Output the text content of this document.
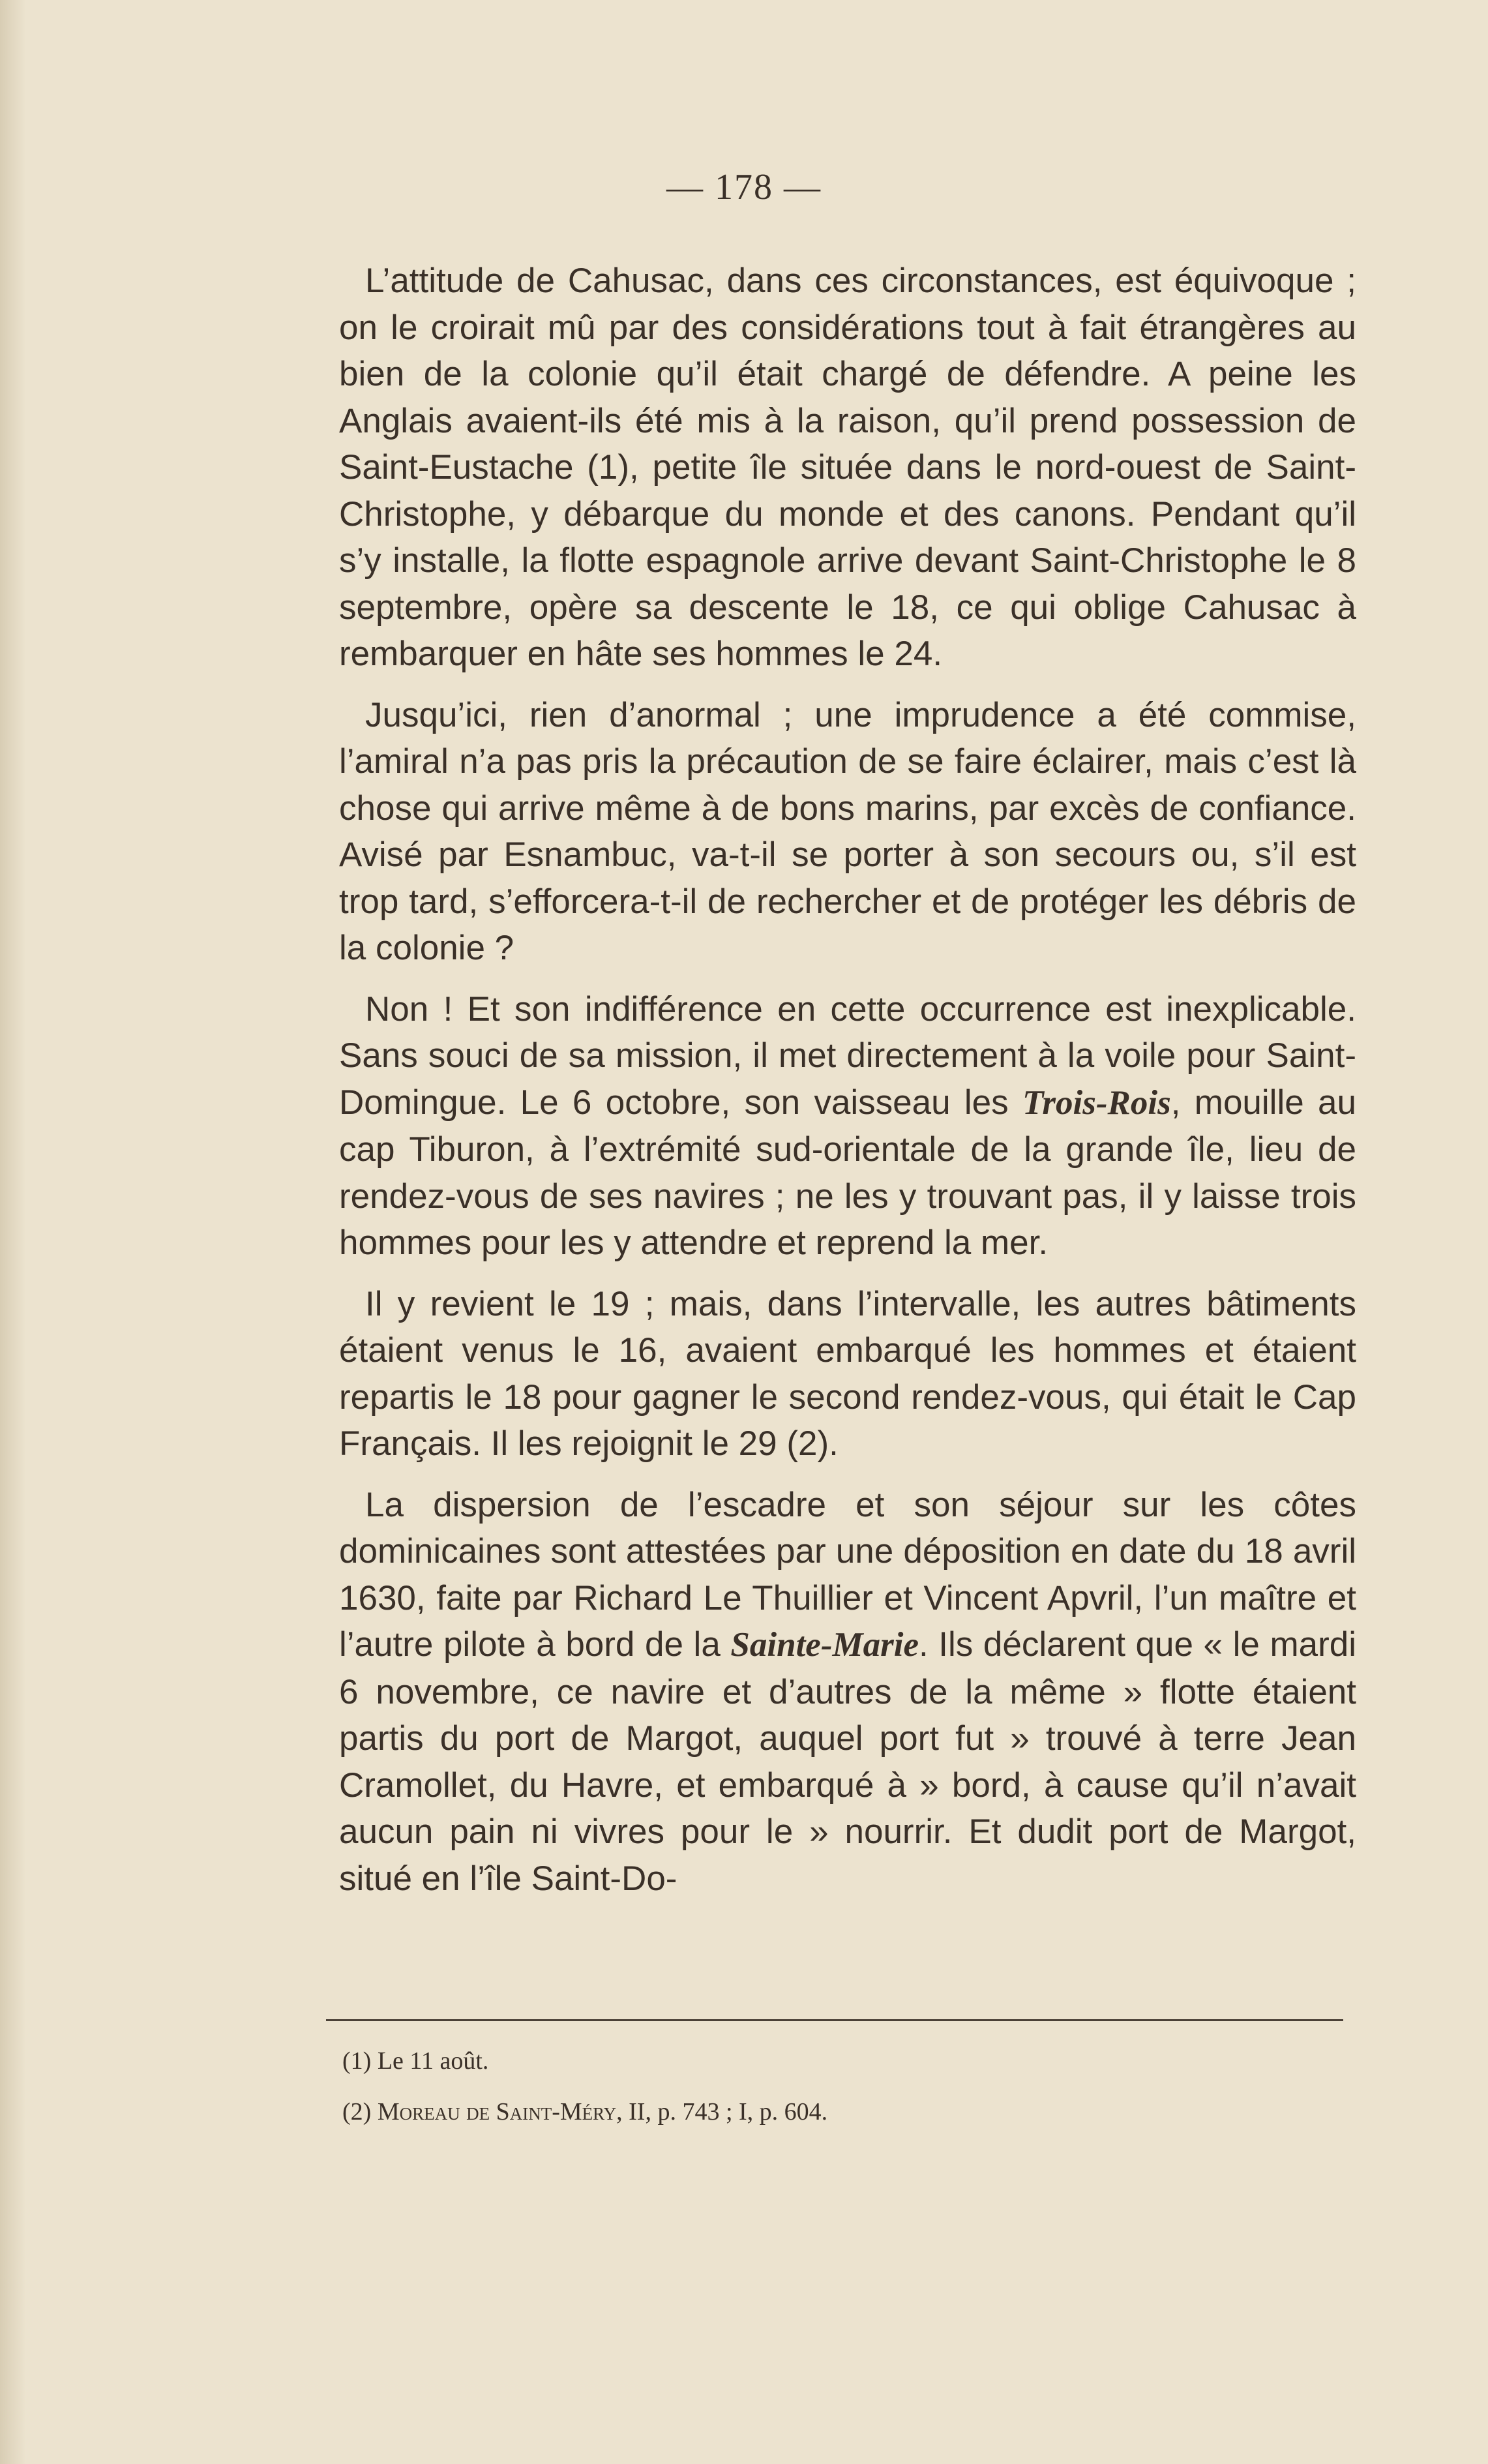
— 178 —

L’attitude de Cahusac, dans ces circonstances, est équivoque ; on le croirait mû par des considérations tout à fait étrangères au bien de la colonie qu’il était chargé de défendre. A peine les Anglais avaient-ils été mis à la raison, qu’il prend possession de Saint-Eustache (1), petite île située dans le nord-ouest de Saint-Christophe, y débarque du monde et des canons. Pendant qu’il s’y installe, la flotte espagnole arrive devant Saint-Christophe le 8 septembre, opère sa descente le 18, ce qui oblige Cahusac à rembarquer en hâte ses hommes le 24.

Jusqu’ici, rien d’anormal ; une imprudence a été commise, l’amiral n’a pas pris la précaution de se faire éclairer, mais c’est là chose qui arrive même à de bons marins, par excès de confiance. Avisé par Esnambuc, va-t-il se porter à son secours ou, s’il est trop tard, s’efforcera-t-il de rechercher et de protéger les débris de la colonie ?

Non ! Et son indifférence en cette occurrence est inexplicable. Sans souci de sa mission, il met directement à la voile pour Saint-Domingue. Le 6 octobre, son vaisseau les Trois-Rois, mouille au cap Tiburon, à l’extrémité sud-orientale de la grande île, lieu de rendez-vous de ses navires ; ne les y trouvant pas, il y laisse trois hommes pour les y attendre et reprend la mer.

Il y revient le 19 ; mais, dans l’intervalle, les autres bâtiments étaient venus le 16, avaient embarqué les hommes et étaient repartis le 18 pour gagner le second rendez-vous, qui était le Cap Français. Il les rejoignit le 29 (2).

La dispersion de l’escadre et son séjour sur les côtes dominicaines sont attestées par une déposition en date du 18 avril 1630, faite par Richard Le Thuillier et Vincent Apvril, l’un maître et l’autre pilote à bord de la Sainte-Marie. Ils déclarent que « le mardi 6 novembre, ce navire et d’autres de la même » flotte étaient partis du port de Margot, auquel port fut » trouvé à terre Jean Cramollet, du Havre, et embarqué à » bord, à cause qu’il n’avait aucun pain ni vivres pour le » nourrir. Et dudit port de Margot, situé en l’île Saint-Do-

(1) Le 11 août.
(2) Moreau de Saint-Méry, II, p. 743 ; I, p. 604.
